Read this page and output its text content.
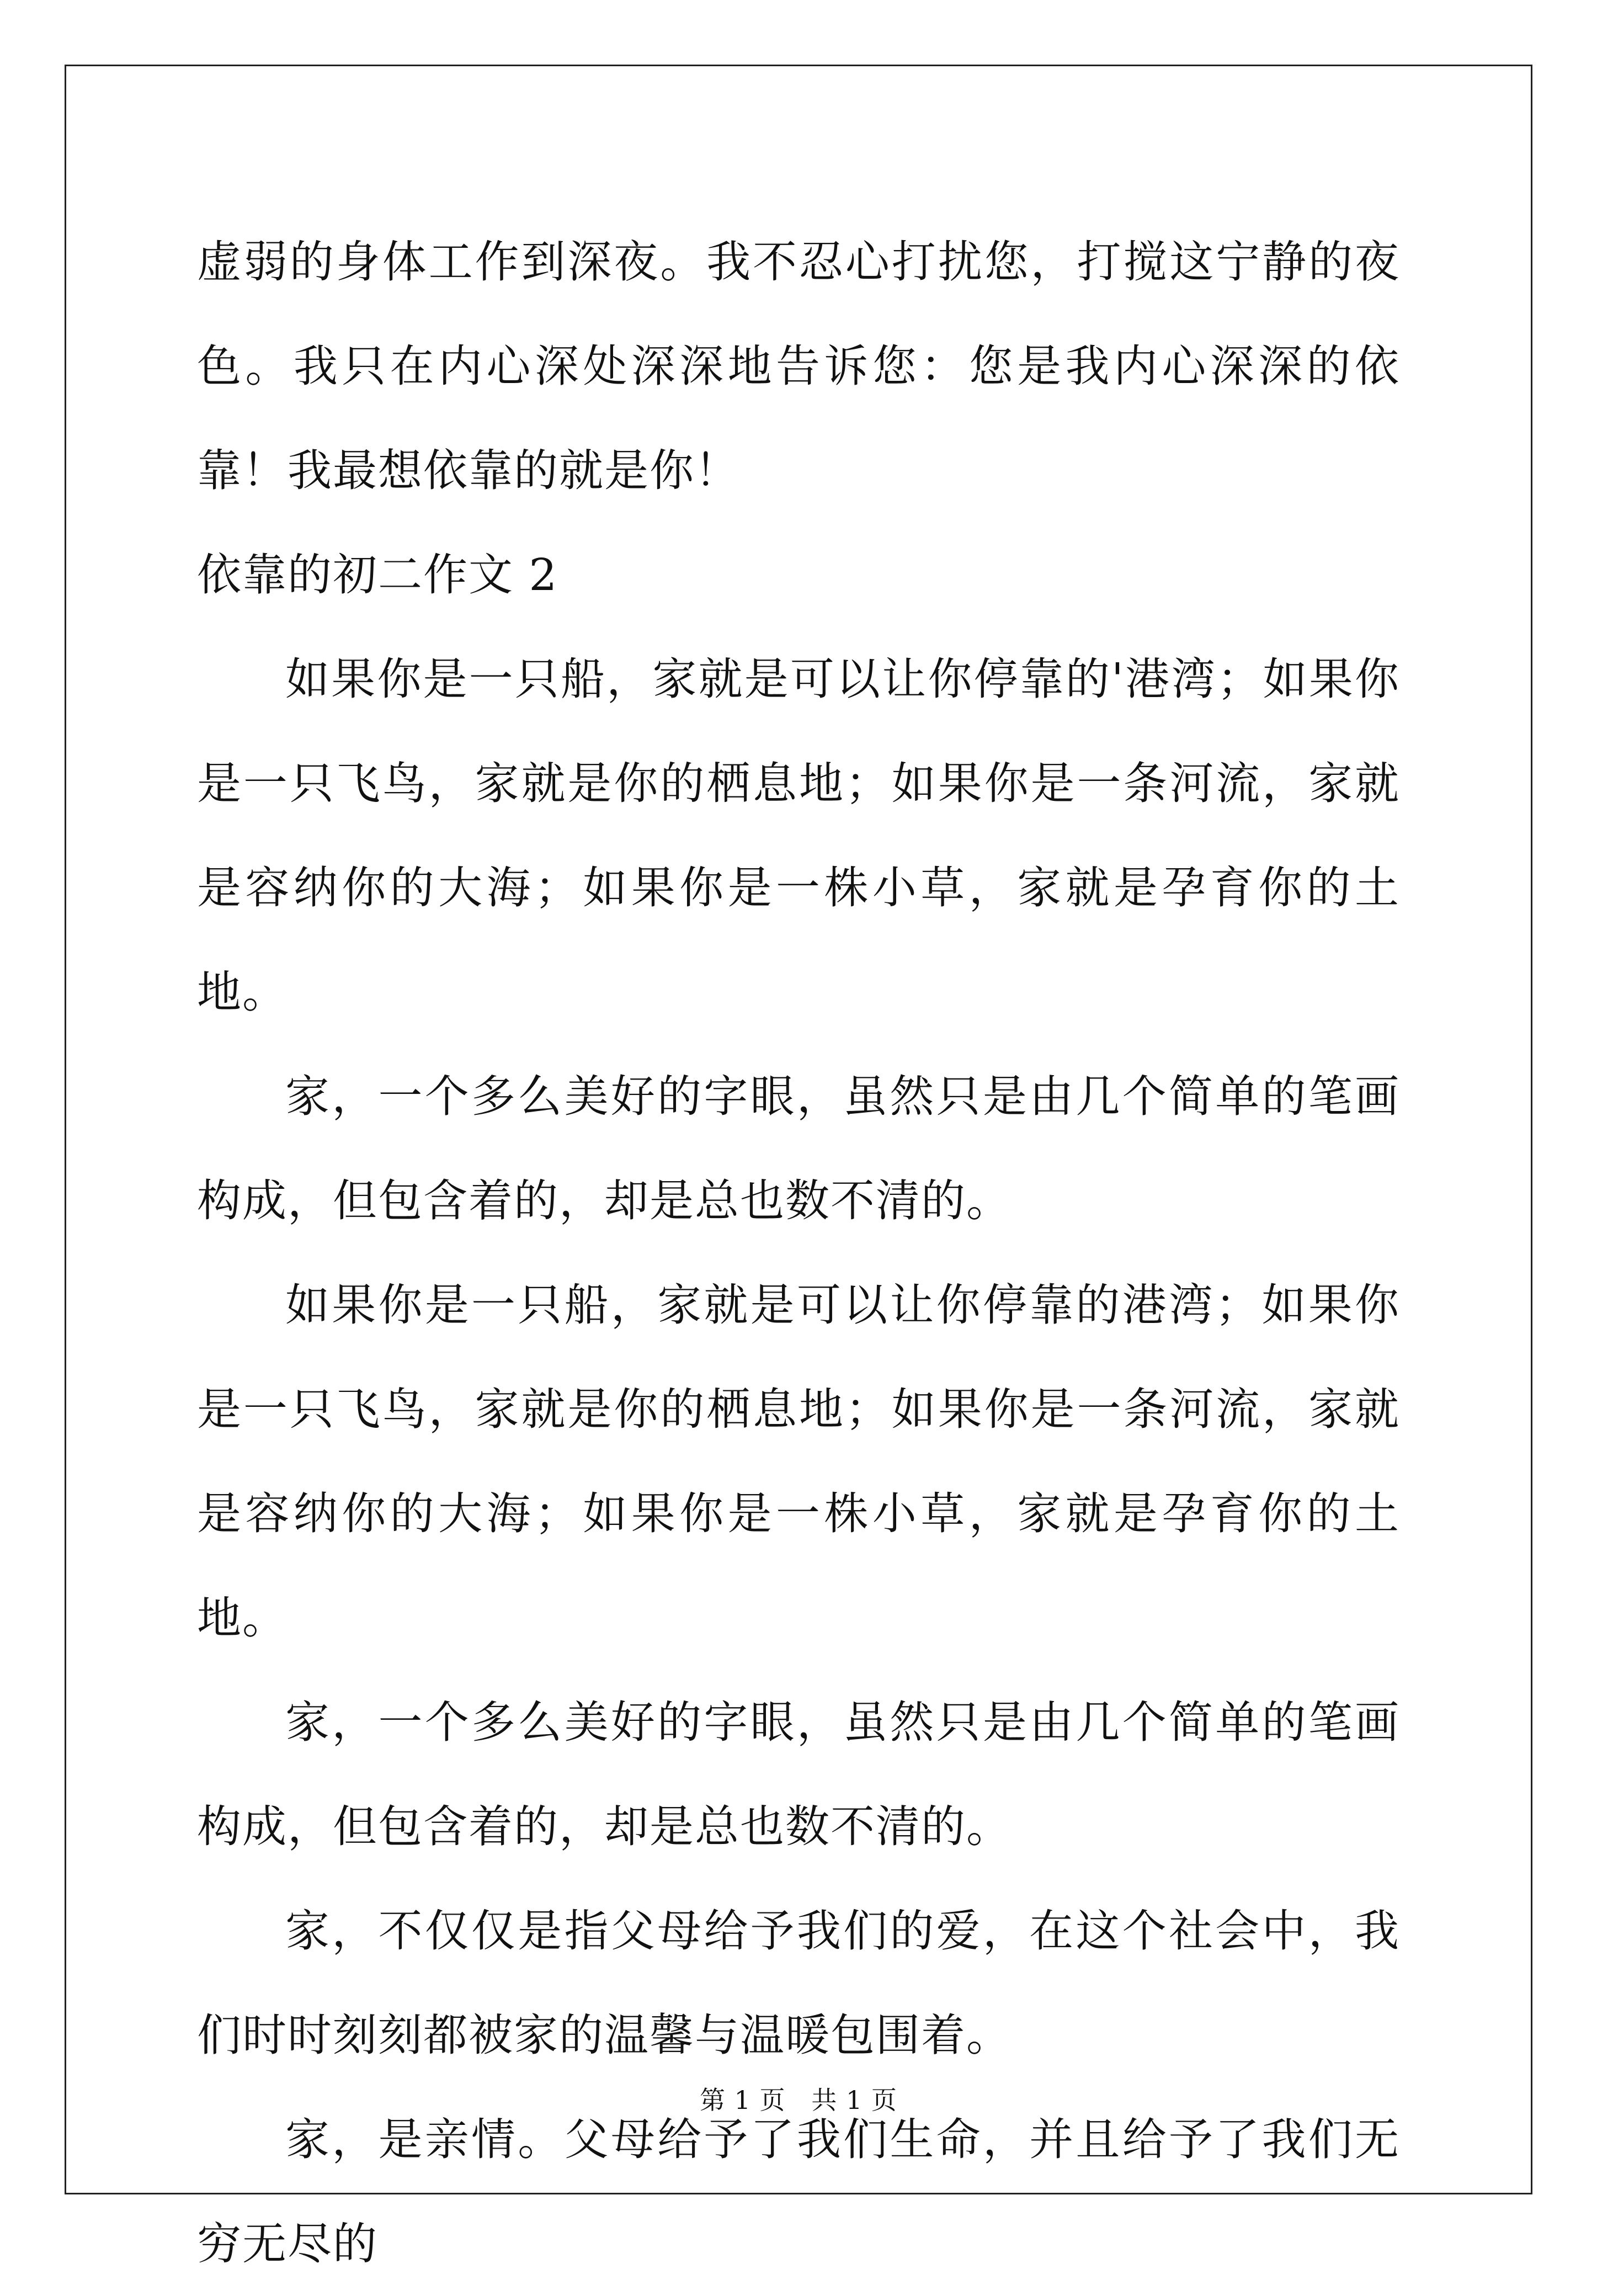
虚弱的身体工作到深夜。我不忍心打扰您，打搅这宁静的夜色。我只在内心深处深深地告诉您：您是我内心深深的依靠！我最想依靠的就是你！

依靠的初二作文 2

如果你是一只船，家就是可以让你停靠的'港湾；如果你是一只飞鸟，家就是你的栖息地；如果你是一条河流，家就是容纳你的大海；如果你是一株小草，家就是孕育你的土地。

家，一个多么美好的字眼，虽然只是由几个简单的笔画构成，但包含着的，却是总也数不清的。

如果你是一只船，家就是可以让你停靠的港湾；如果你是一只飞鸟，家就是你的栖息地；如果你是一条河流，家就是容纳你的大海；如果你是一株小草，家就是孕育你的土地。

家，一个多么美好的字眼，虽然只是由几个简单的笔画构成，但包含着的，却是总也数不清的。

家，不仅仅是指父母给予我们的爱，在这个社会中，我们时时刻刻都被家的温馨与温暖包围着。

家，是亲情。父母给予了我们生命，并且给予了我们无穷无尽的

第 1 页   共 1 页
